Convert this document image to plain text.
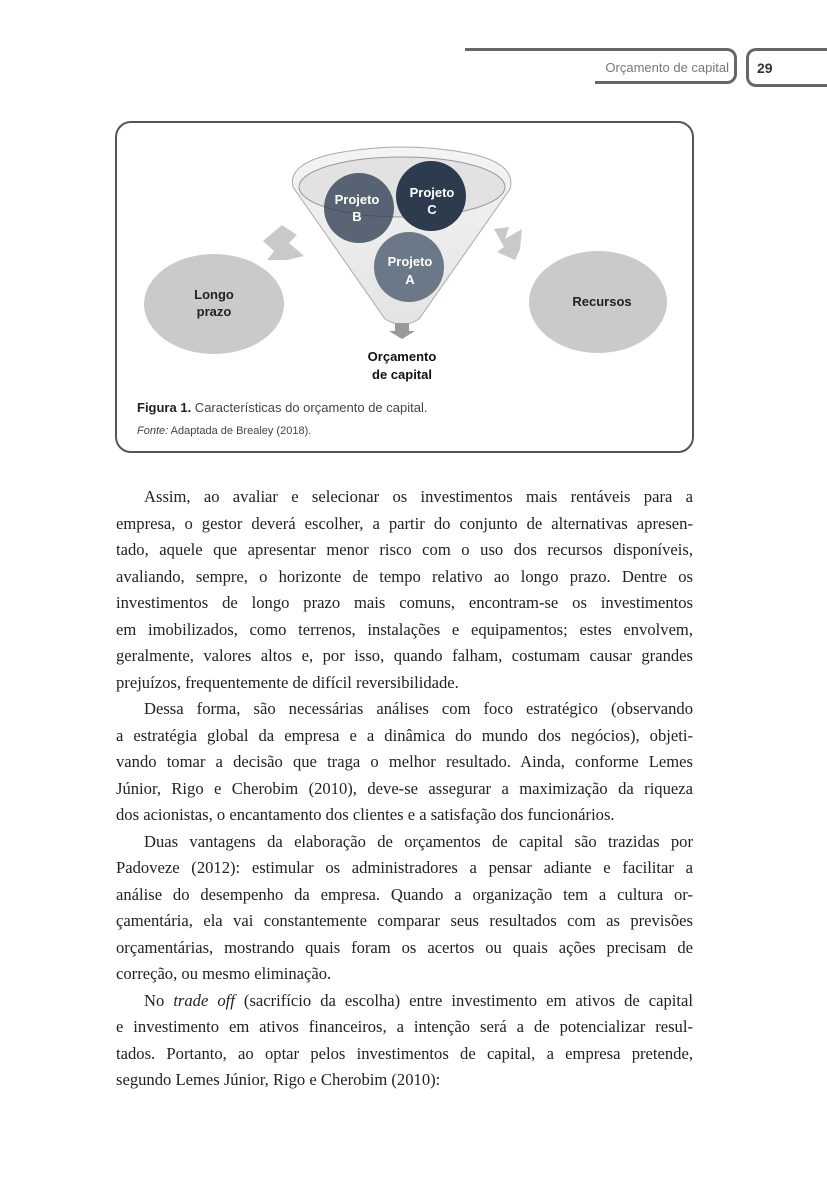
Orçamento de capital 29
Projeto
B
Projeto
C
Projeto
A
Longo
prazo
Recursos
Orçamento
de capital
Figura 1. Características do orçamento de capital.
Fonte: Adaptada de Brealey (2018).
Assim, ao avaliar e selecionar os investimentos mais rentáveis para a
empresa, o gestor deverá escolher, a partir do conjunto de alternativas apresen-
tado, aquele que apresentar menor risco com o uso dos recursos disponíveis,
avaliando, sempre, o horizonte de tempo relativo ao longo prazo. Dentre os
investimentos de longo prazo mais comuns, encontram-se os investimentos
em imobilizados, como terrenos, instalações e equipamentos; estes envolvem,
geralmente, valores altos e, por isso, quando falham, costumam causar grandes
prejuízos, frequentemente de difícil reversibilidade.
Dessa forma, são necessárias análises com foco estratégico (observando
a estratégia global da empresa e a dinâmica do mundo dos negócios), objeti-
vando tomar a decisão que traga o melhor resultado. Ainda, conforme Lemes
Júnior, Rigo e Cherobim (2010), deve-se assegurar a maximização da riqueza
dos acionistas, o encantamento dos clientes e a satisfação dos funcionários.
Duas vantagens da elaboração de orçamentos de capital são trazidas por
Padoveze (2012): estimular os administradores a pensar adiante e facilitar a
análise do desempenho da empresa. Quando a organização tem a cultura or-
çamentária, ela vai constantemente comparar seus resultados com as previsões
orçamentárias, mostrando quais foram os acertos ou quais ações precisam de
correção, ou mesmo eliminação.
No trade off (sacrifício da escolha) entre investimento em ativos de capital
e investimento em ativos financeiros, a intenção será a de potencializar resul-
tados. Portanto, ao optar pelos investimentos de capital, a empresa pretende,
segundo Lemes Júnior, Rigo e Cherobim (2010):
